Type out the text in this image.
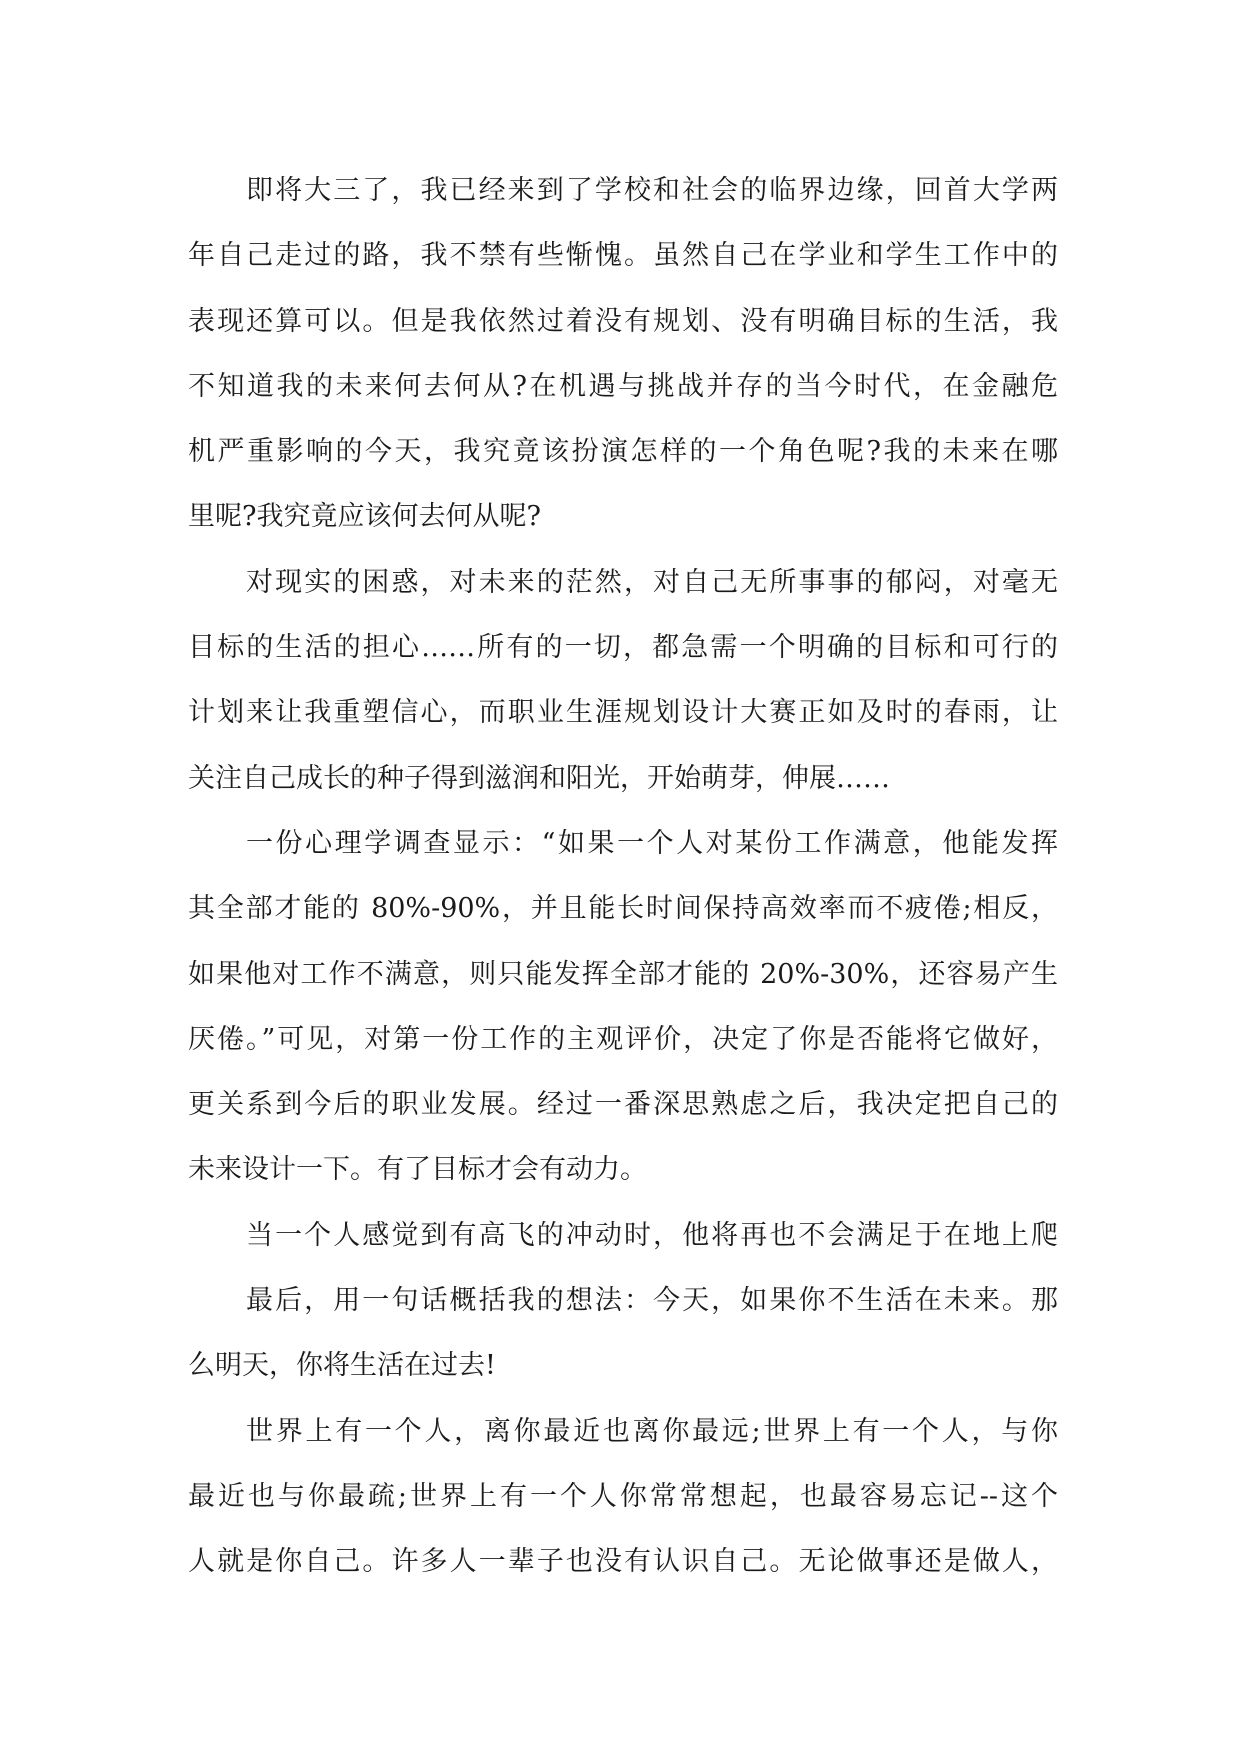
即将大三了，我已经来到了学校和社会的临界边缘，回首大学两
年自己走过的路，我不禁有些惭愧。虽然自己在学业和学生工作中的
表现还算可以。但是我依然过着没有规划、没有明确目标的生活，我
不知道我的未来何去何从?在机遇与挑战并存的当今时代，在金融危
机严重影响的今天，我究竟该扮演怎样的一个角色呢?我的未来在哪
里呢?我究竟应该何去何从呢?
对现实的困惑，对未来的茫然，对自己无所事事的郁闷，对毫无
目标的生活的担心……所有的一切，都急需一个明确的目标和可行的
计划来让我重塑信心，而职业生涯规划设计大赛正如及时的春雨，让
关注自己成长的种子得到滋润和阳光，开始萌芽，伸展……
一份心理学调查显示：“如果一个人对某份工作满意，他能发挥
其全部才能的 80%-90%，并且能长时间保持高效率而不疲倦;相反，
如果他对工作不满意，则只能发挥全部才能的 20%-30%，还容易产生
厌倦。”可见，对第一份工作的主观评价，决定了你是否能将它做好，
更关系到今后的职业发展。经过一番深思熟虑之后，我决定把自己的
未来设计一下。有了目标才会有动力。
当一个人感觉到有高飞的冲动时，他将再也不会满足于在地上爬
最后，用一句话概括我的想法：今天，如果你不生活在未来。那
么明天，你将生活在过去!
世界上有一个人，离你最近也离你最远;世界上有一个人，与你
最近也与你最疏;世界上有一个人你常常想起，也最容易忘记--这个
人就是你自己。许多人一辈子也没有认识自己。无论做事还是做人，
